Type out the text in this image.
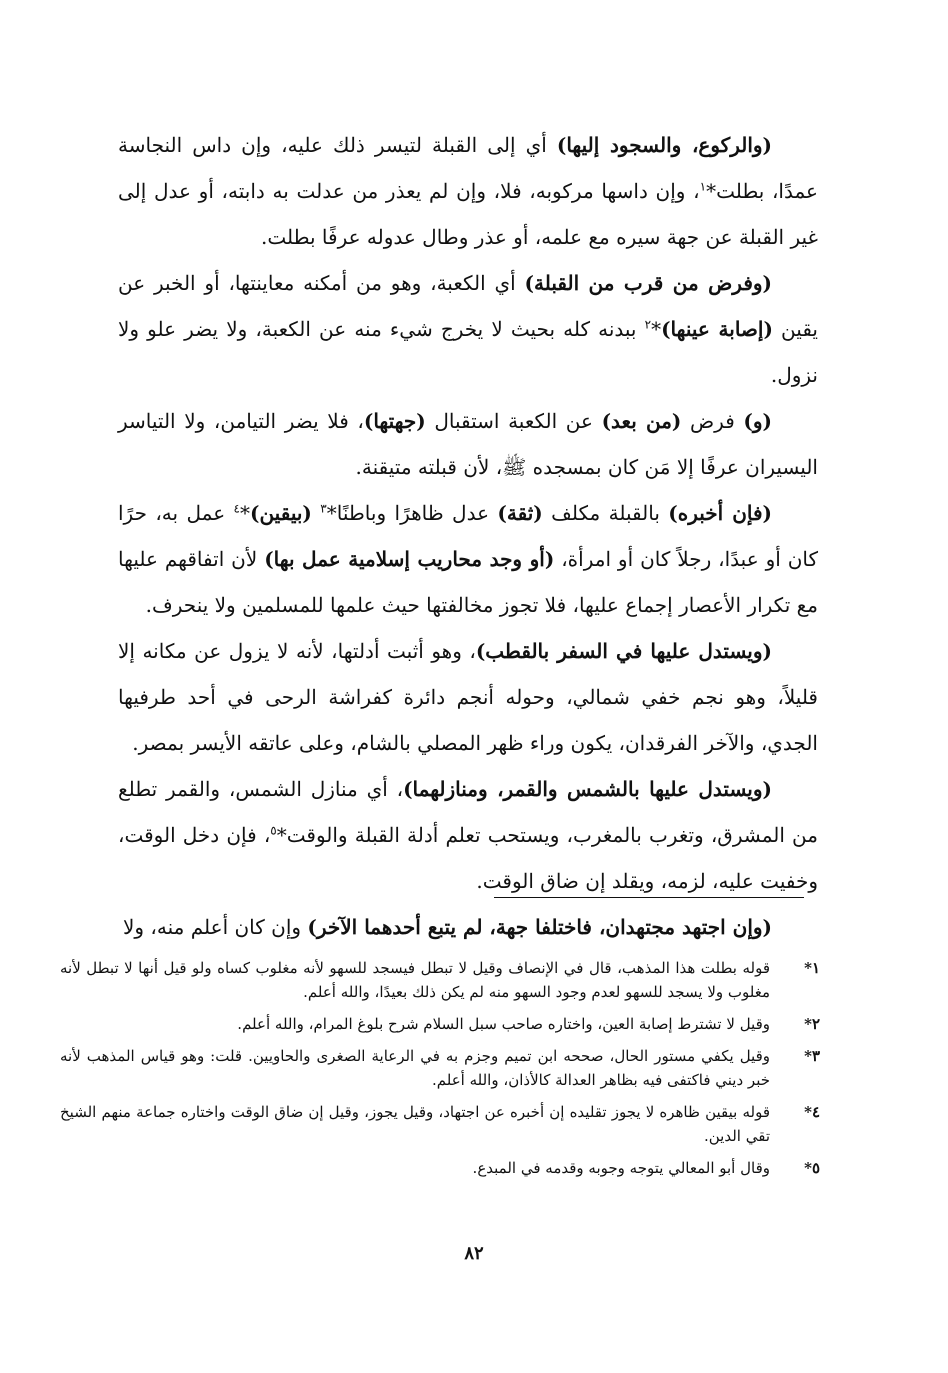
(والركوع، والسجود إليها) أي إلى القبلة لتيسر ذلك عليه، وإن داس النجاسة عمدًا، بطلت*$^١$، وإن داسها مركوبه، فلا، وإن لم يعذر من عدلت به دابته، أو عدل إلى غير القبلة عن جهة سيره مع علمه، أو عذر وطال عدوله عرفًا بطلت.

(وفرض من قرب من القبلة) أي الكعبة، وهو من أمكنه معاينتها، أو الخبر عن يقين (إصابة عينها)*$^٢$ ببدنه كله بحيث لا يخرج شيء منه عن الكعبة، ولا يضر علو ولا نزول.

(و) فرض (من بعد) عن الكعبة استقبال (جهتها)، فلا يضر التيامن، ولا التياسر اليسيران عرفًا إلا مَن كان بمسجده ﷺ، لأن قبلته متيقنة.

(فإن أخبره) بالقبلة مكلف (ثقة) عدل ظاهرًا وباطنًا*$^٣$ (بيقين)*$^٤$ عمل به، حرًا كان أو عبدًا، رجلاً كان أو امرأة، (أو وجد محاريب إسلامية عمل بها) لأن اتفاقهم عليها مع تكرار الأعصار إجماع عليها، فلا تجوز مخالفتها حيث علمها للمسلمين ولا ينحرف.

(ويستدل عليها في السفر بالقطب)، وهو أثبت أدلتها، لأنه لا يزول عن مكانه إلا قليلاً، وهو نجم خفي شمالي، وحوله أنجم دائرة كفراشة الرحى في أحد طرفيها الجدي، والآخر الفرقدان، يكون وراء ظهر المصلي بالشام، وعلى عاتقه الأيسر بمصر.

(ويستدل عليها بالشمس والقمر، ومنازلهما)، أي منازل الشمس، والقمر تطلع من المشرق، وتغرب بالمغرب، ويستحب تعلم أدلة القبلة والوقت*$^٥$، فإن دخل الوقت، وخفيت عليه، لزمه، ويقلد إن ضاق الوقت.

(وإن اجتهد مجتهدان، فاختلفا جهة، لم يتبع أحدهما الآخر) وإن كان أعلم منه، ولا

١*
قوله بطلت هذا المذهب، قال في الإنصاف وقيل لا تبطل فيسجد للسهو لأنه مغلوب كساه ولو قيل أنها لا تبطل لأنه مغلوب ولا يسجد للسهو لعدم وجود السهو منه لم يكن ذلك بعيدًا، والله أعلم.
٢*
وقيل لا تشترط إصابة العين، واختاره صاحب سبل السلام شرح بلوغ المرام، والله أعلم.
٣*
وقيل يكفي مستور الحال، صححه ابن تميم وجزم به في الرعاية الصغرى والحاويين. قلت: وهو قياس المذهب لأنه خبر ديني فاكتفى فيه بظاهر العدالة كالأذان، والله أعلم.
٤*
قوله بيقين ظاهره لا يجوز تقليده إن أخبره عن اجتهاد، وقيل يجوز، وقيل إن ضاق الوقت واختاره جماعة منهم الشيخ تقي الدين.
٥*
وقال أبو المعالي يتوجه وجوبه وقدمه في المبدع.
٨٢
